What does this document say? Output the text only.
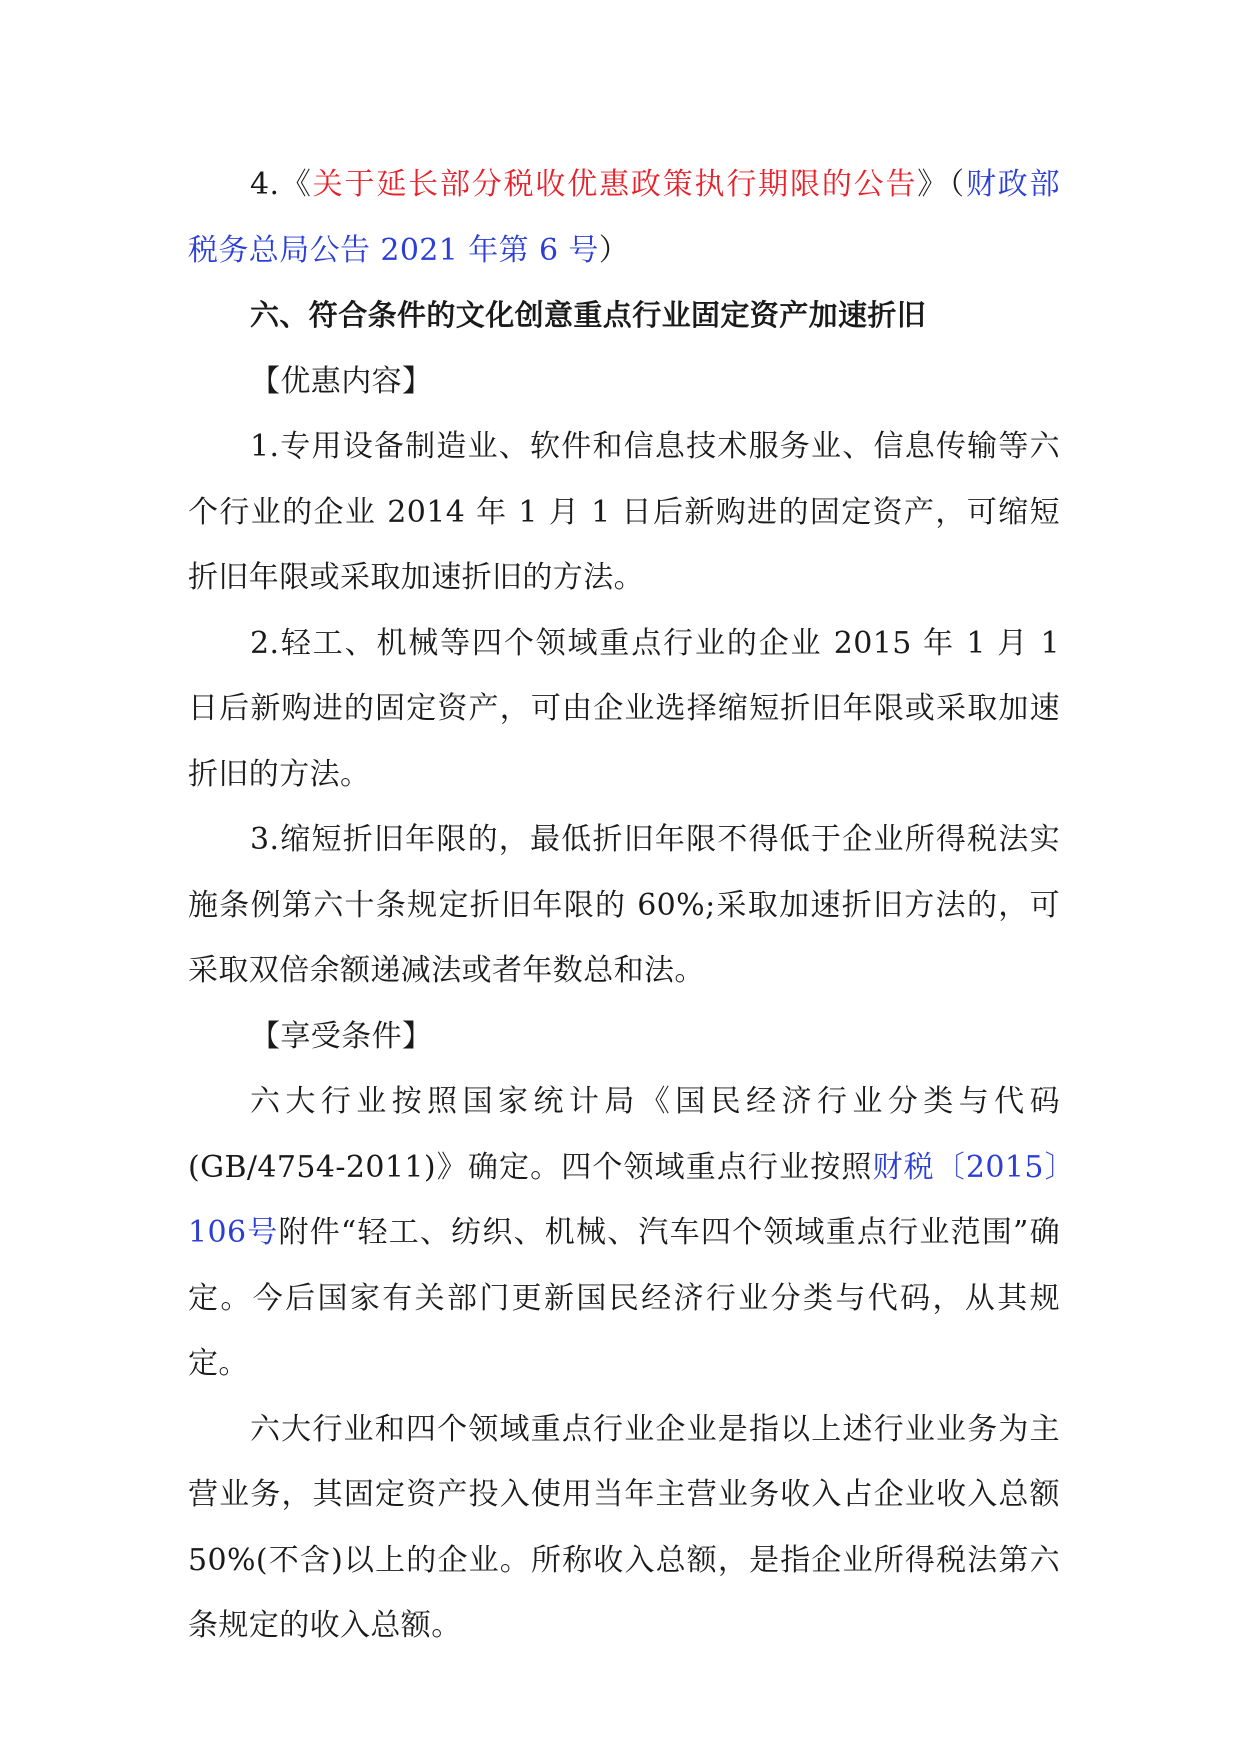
4.《关于延长部分税收优惠政策执行期限的公告》（财政部 税务总局公告 2021 年第 6 号）

六、符合条件的文化创意重点行业固定资产加速折旧

【优惠内容】

1.专用设备制造业、软件和信息技术服务业、信息传输等六个行业的企业 2014 年 1 月 1 日后新购进的固定资产，可缩短折旧年限或采取加速折旧的方法。

2.轻工、机械等四个领域重点行业的企业 2015 年 1 月 1 日后新购进的固定资产，可由企业选择缩短折旧年限或采取加速折旧的方法。

3.缩短折旧年限的，最低折旧年限不得低于企业所得税法实施条例第六十条规定折旧年限的 60%;采取加速折旧方法的，可采取双倍余额递减法或者年数总和法。

【享受条件】

六大行业按照国家统计局《国民经济行业分类与代码(GB/4754-2011)》确定。四个领域重点行业按照财税〔2015〕106号附件“轻工、纺织、机械、汽车四个领域重点行业范围”确定。今后国家有关部门更新国民经济行业分类与代码，从其规定。

六大行业和四个领域重点行业企业是指以上述行业业务为主营业务，其固定资产投入使用当年主营业务收入占企业收入总额 50%(不含)以上的企业。所称收入总额，是指企业所得税法第六条规定的收入总额。
